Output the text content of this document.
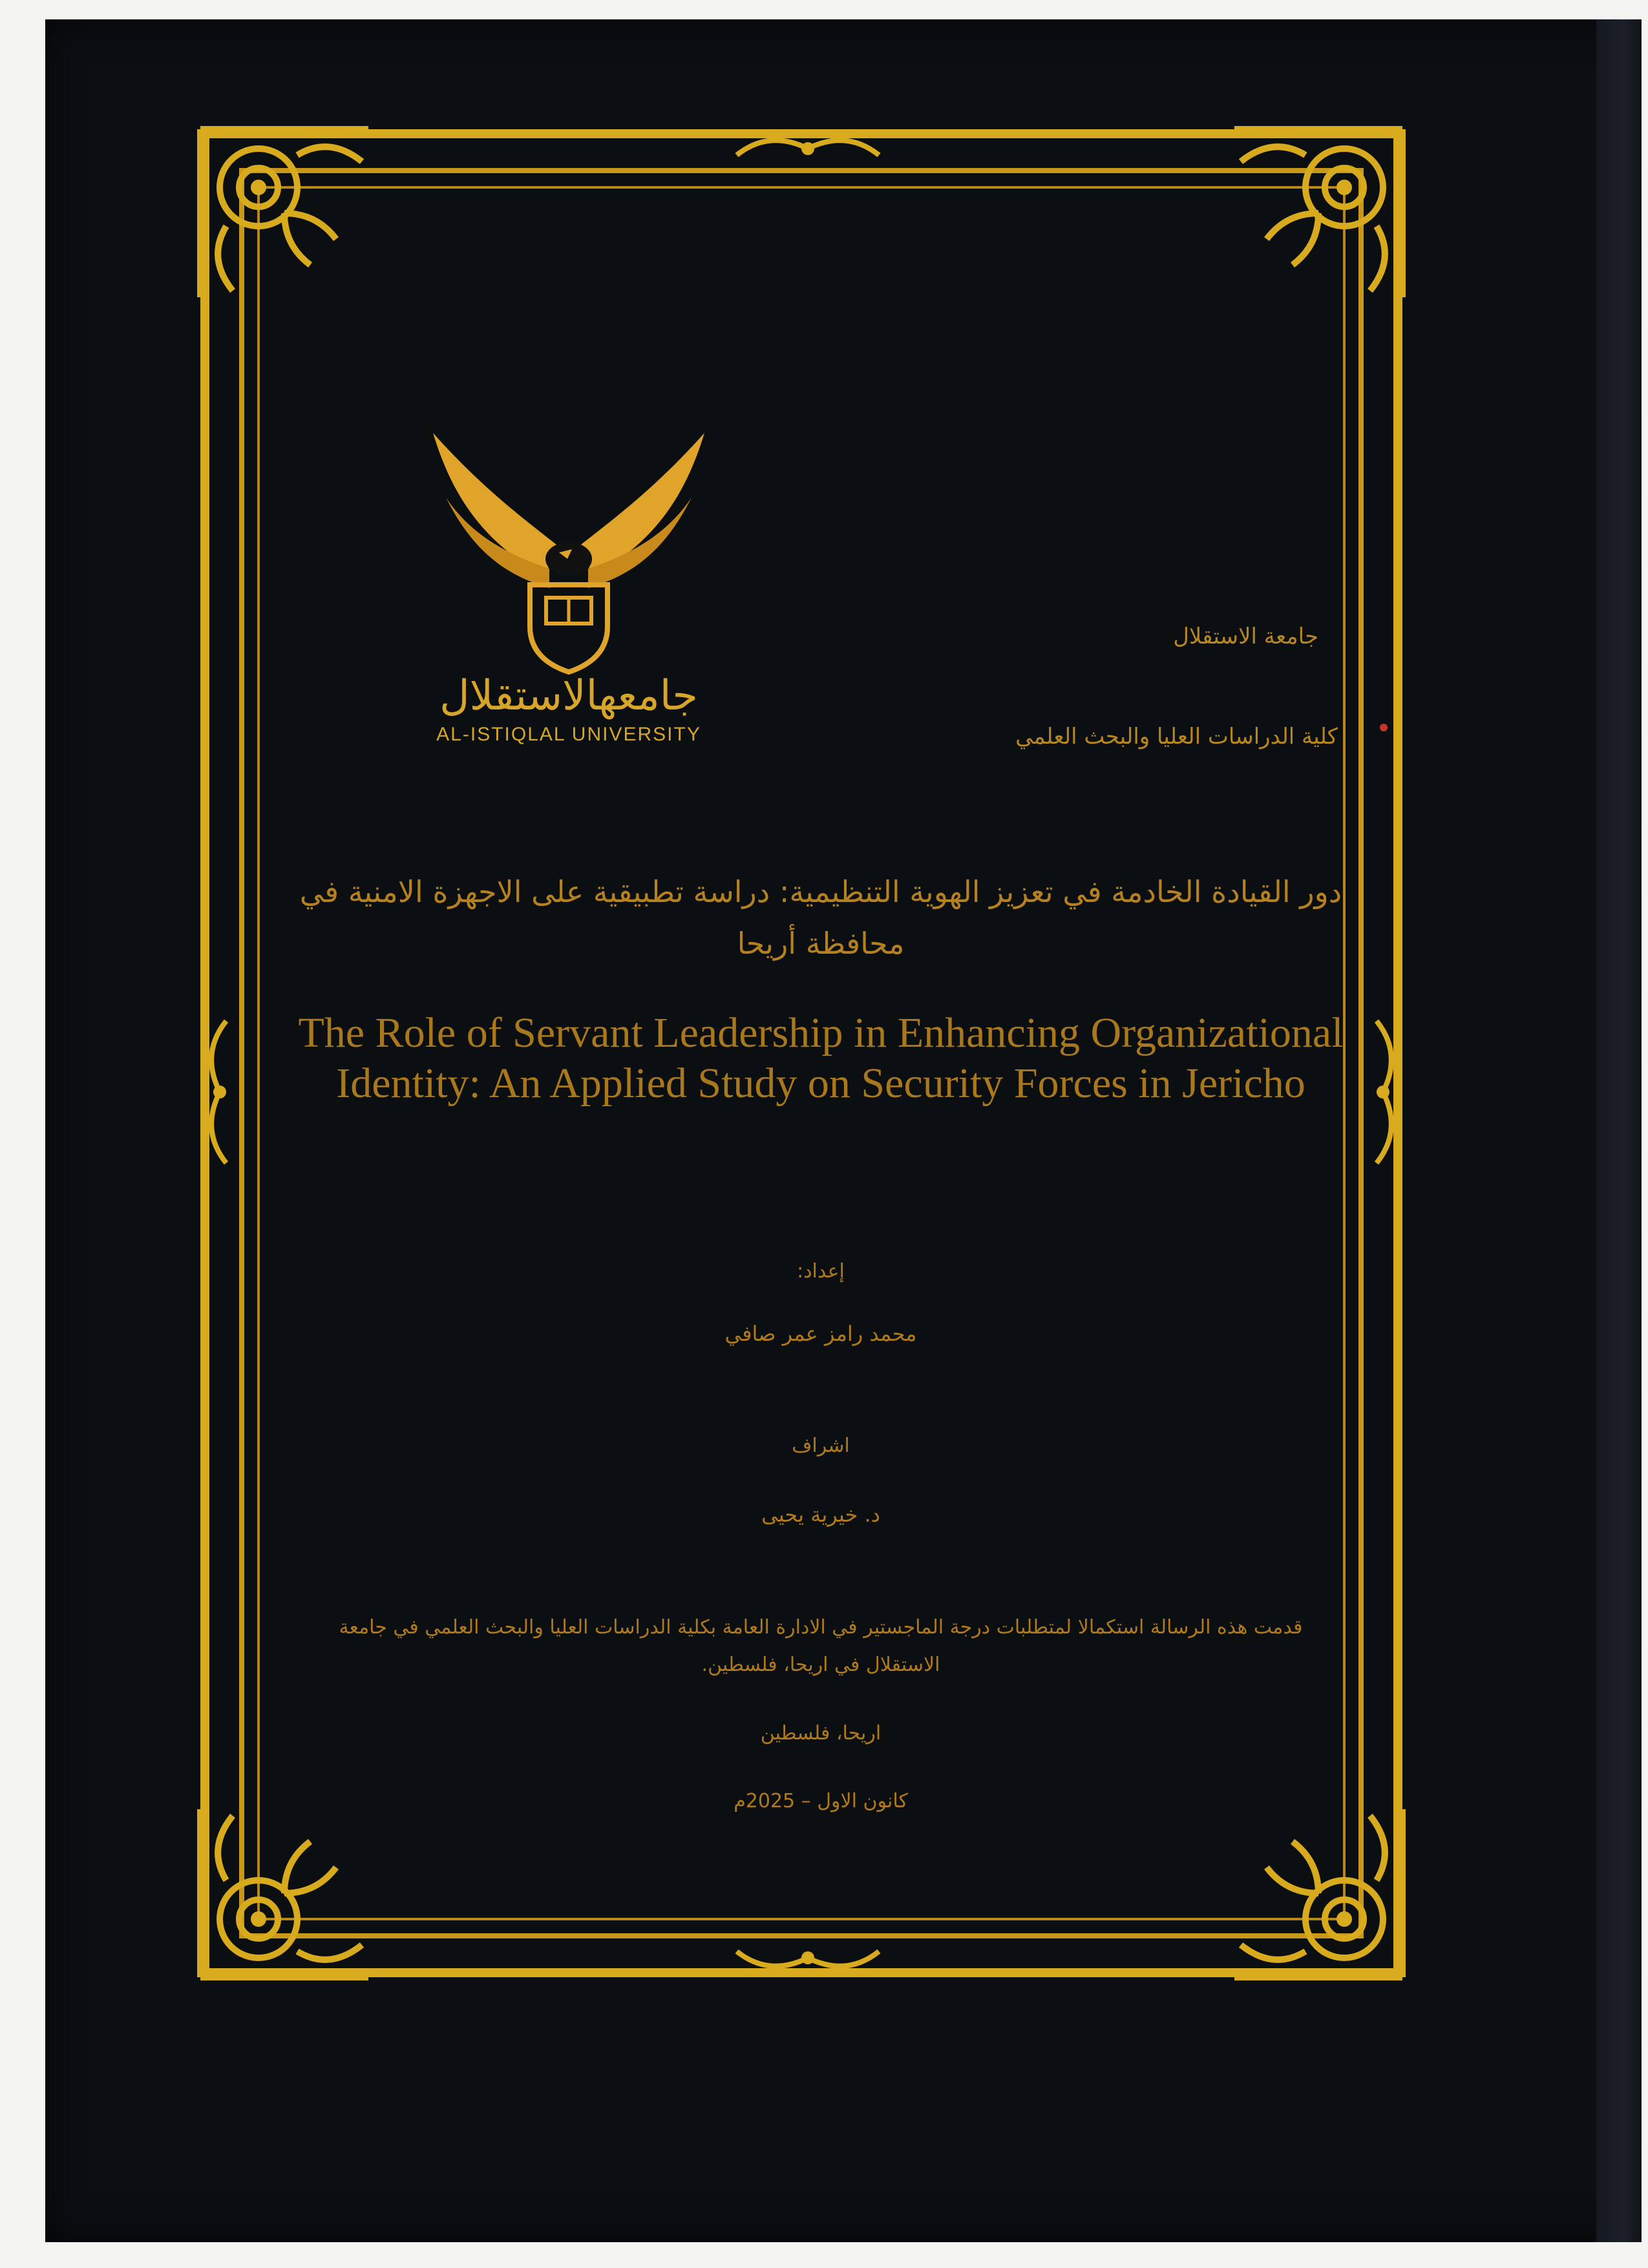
جامعهالاستقلال
AL-ISTIQLAL UNIVERSITY
جامعة الاستقلال
كلية الدراسات العليا والبحث العلمي
دور القيادة الخادمة في تعزيز الهوية التنظيمية: دراسة تطبيقية على الاجهزة الامنية في محافظة أريحا
The Role of Servant Leadership in Enhancing Organizational Identity: An Applied Study on Security Forces in Jericho
إعداد:
محمد رامز عمر صافي
اشراف
د. خيرية يحيى
قدمت هذه الرسالة استكمالا لمتطلبات درجة الماجستير في الادارة العامة بكلية الدراسات العليا والبحث العلمي في جامعة الاستقلال في اريحا، فلسطين.
اريحا، فلسطين
كانون الاول – 2025م
